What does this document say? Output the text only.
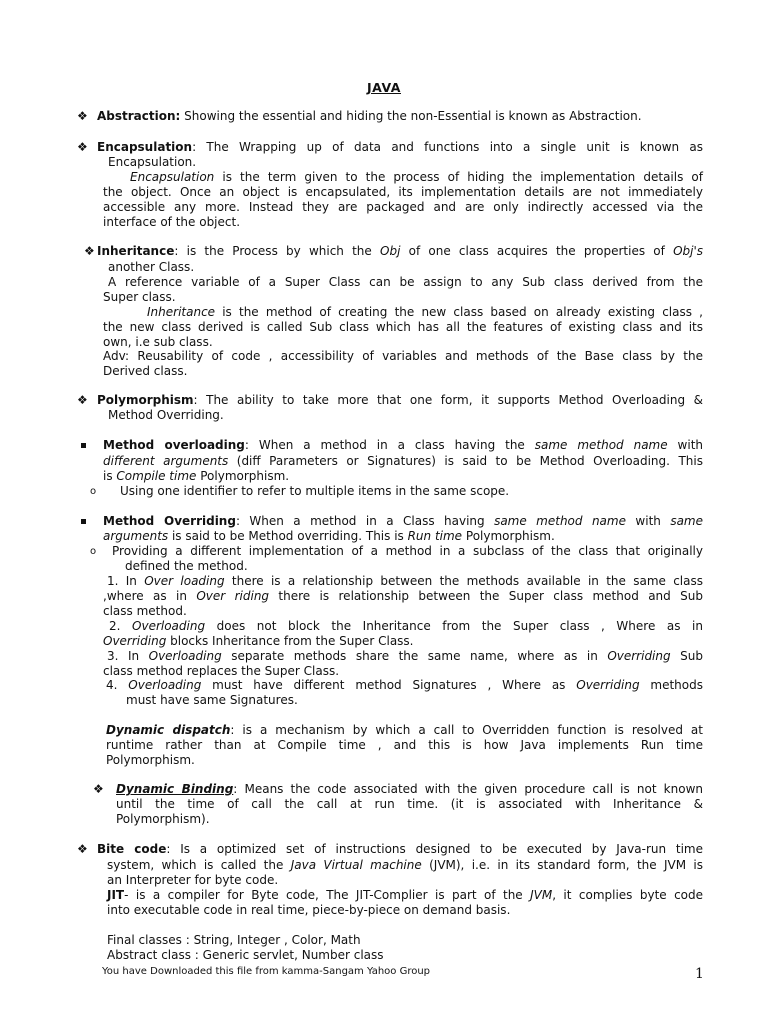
JAVA
❖ Abstraction: Showing the essential and hiding the non-Essential is known as Abstraction.
❖ Encapsulation: The Wrapping up of data and functions into a single unit is known as
Encapsulation.
Encapsulation is the term given to the process of hiding the implementation details of
the object. Once an object is encapsulated, its implementation details are not immediately
accessible any more. Instead they are packaged and are only indirectly accessed via the
interface of the object.
❖ Inheritance: is the Process by which the Obj of one class acquires the properties of Obj's
another Class.
A reference variable of a Super Class can be assign to any Sub class derived from the
Super class.
Inheritance is the method of creating the new class based on already existing class ,
the new class derived is called Sub class which has all the features of existing class and its
own, i.e sub class.
Adv: Reusability of code , accessibility of variables and methods of the Base class by the
Derived class.
❖ Polymorphism: The ability to take more that one form, it supports Method Overloading &
Method Overriding.
Method overloading: When a method in a class having the same method name with
different arguments (diff Parameters or Signatures) is said to be Method Overloading. This
is Compile time Polymorphism.
o Using one identifier to refer to multiple items in the same scope.
Method Overriding: When a method in a Class having same method name with same
arguments is said to be Method overriding. This is Run time Polymorphism.
o Providing a different implementation of a method in a subclass of the class that originally
defined the method.
1. In Over loading there is a relationship between the methods available in the same class
,where as in Over riding there is relationship between the Super class method and Sub
class method.
2. Overloading does not block the Inheritance from the Super class , Where as in
Overriding blocks Inheritance from the Super Class.
3. In Overloading separate methods share the same name, where as in Overriding Sub
class method replaces the Super Class.
4. Overloading must have different method Signatures , Where as Overriding methods
must have same Signatures.
Dynamic dispatch: is a mechanism by which a call to Overridden function is resolved at
runtime rather than at Compile time , and this is how Java implements Run time
Polymorphism.
❖ Dynamic Binding: Means the code associated with the given procedure call is not known
until the time of call the call at run time. (it is associated with Inheritance &
Polymorphism).
❖ Bite code: Is a optimized set of instructions designed to be executed by Java-run time
system, which is called the Java Virtual machine (JVM), i.e. in its standard form, the JVM is
an Interpreter for byte code.
JIT- is a compiler for Byte code, The JIT-Complier is part of the JVM, it complies byte code
into executable code in real time, piece-by-piece on demand basis.
Final classes : String, Integer , Color, Math
Abstract class : Generic servlet, Number class
You have Downloaded this file from kamma-Sangam Yahoo Group	1
